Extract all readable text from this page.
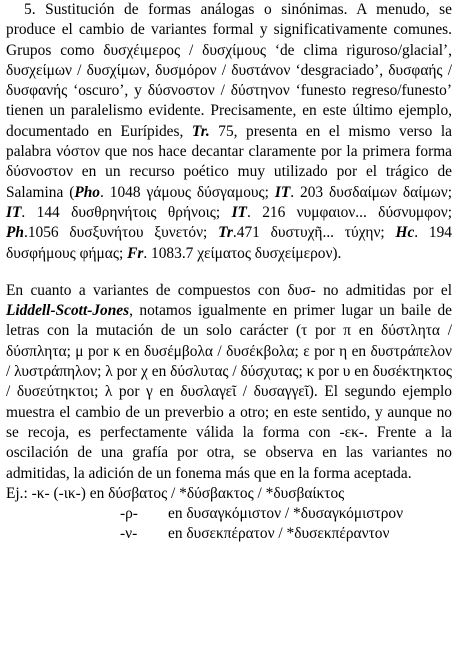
5. Sustitución de formas análogas o sinónimas. A menudo, se produce el cambio de variantes formal y significativamente comunes. Grupos como δυσχέιμερος / δυσχίμους ‘de clima riguroso/glacial’, δυσχείμων / δυσχίμων, δυσμόρον / δυστάνον ‘desgraciado’, δυσφαής / δυσφανής ‘oscuro’, y δύσνοστον / δύστηνον ‘funesto regreso/funesto’ tienen un paralelismo evidente. Precisamente, en este último ejemplo, documentado en Eurípides, Tr. 75, presenta en el mismo verso la palabra νόστον que nos hace decantar claramente por la primera forma δύσνοστον en un recurso poético muy utilizado por el trágico de Salamina (Pho. 1048 γάμους δύσγαμους; IT. 203 δυσδαίμων δαίμων; IT. 144 δυσθρηνήτοις θρήνοις; IT. 216 νυμφαιον... δύσνυμφον; Ph.1056 δυσξυνήτου ξυνετόν; Tr.471 δυστυχῆ... τύχην; Hc. 194 δυσφήμους φήμας; Fr. 1083.7 χείματος δυσχείμερον).

En cuanto a variantes de compuestos con δυσ- no admitidas por el Liddell-Scott-Jones, notamos igualmente en primer lugar un baile de letras con la mutación de un solo carácter (τ por π en δύστλητα / δύσπλητα; μ por κ en δυσέμβολα / δυσέκβολα; ε por η en δυστράπελον / λυστράπηλον; λ por χ en δύσλυτας / δύσχυτας; κ por υ en δυσέκτηκτος / δυσεύτηκτοι; λ por γ en δυσλαγεῖ / δυσαγγεῖ). El segundo ejemplo muestra el cambio de un preverbio a otro; en este sentido, y aunque no se recoja, es perfectamente válida la forma con -εκ-. Frente a la oscilación de una grafía por otra, se observa en las variantes no admitidas, la adición de un fonema más que en la forma aceptada.

Ej.:
-κ- (-ικ-)
en δύσβατος / *δύσβακτος / *δυσβαίκτος
-ρ-	en δυσαγκόμιστον / *δυσαγκόμιστρον
-ν-	en δυσεκπέρατον / *δυσεκπέραντον
